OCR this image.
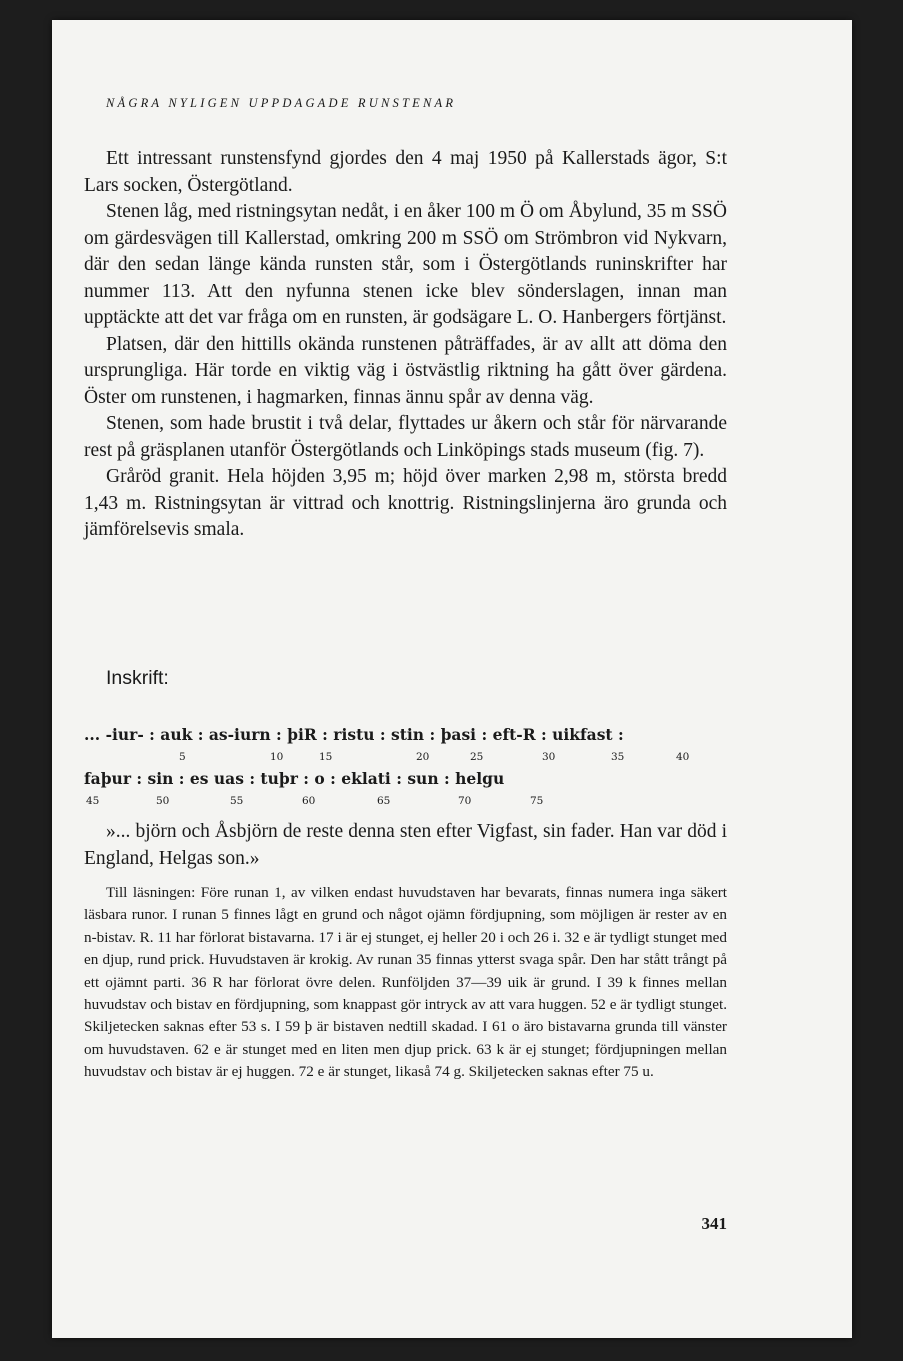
NÅGRA NYLIGEN UPPDAGADE RUNSTENAR

Ett intressant runstensfynd gjordes den 4 maj 1950 på Kallerstads ägor, S:t Lars socken, Östergötland.

Stenen låg, med ristningsytan nedåt, i en åker 100 m Ö om Åbylund, 35 m SSÖ om gärdesvägen till Kallerstad, omkring 200 m SSÖ om Strömbron vid Nykvarn, där den sedan länge kända runsten står, som i Östergötlands runinskrifter har nummer 113. Att den nyfunna stenen icke blev sönderslagen, innan man upptäckte att det var fråga om en runsten, är godsägare L. O. Hanbergers förtjänst.

Platsen, där den hittills okända runstenen påträffades, är av allt att döma den ursprungliga. Här torde en viktig väg i östvästlig riktning ha gått över gärdena. Öster om runstenen, i hagmarken, finnas ännu spår av denna väg.

Stenen, som hade brustit i två delar, flyttades ur åkern och står för närvarande rest på gräsplanen utanför Östergötlands och Linköpings stads museum (fig. 7).

Gråröd granit. Hela höjden 3,95 m; höjd över marken 2,98 m, största bredd 1,43 m. Ristningsytan är vittrad och knottrig. Ristningslinjerna äro grunda och jämförelsevis smala.

Inskrift:
... -iur- : auk : as-iurn : þiR : ristu : stin : þasi : eft-R : uikfast :
5	10	15	20	25	30	35	40
faþur : sin : es uas : tuþr : o : eklati : sun : helgu
45	50	55	60	65	70	75

»... björn och Åsbjörn de reste denna sten efter Vigfast, sin fader. Han var död i England, Helgas son.»

Till läsningen: Före runan 1, av vilken endast huvudstaven har bevarats, finnas numera inga säkert läsbara runor. I runan 5 finnes lågt en grund och något ojämn fördjupning, som möjligen är rester av en n-bistav. R. 11 har förlorat bistavarna. 17 i är ej stunget, ej heller 20 i och 26 i. 32 e är tydligt stunget med en djup, rund prick. Huvudstaven är krokig. Av runan 35 finnas ytterst svaga spår. Den har stått trångt på ett ojämnt parti. 36 R har förlorat övre delen. Runföljden 37—39 uik är grund. I 39 k finnes mellan huvudstav och bistav en fördjupning, som knappast gör intryck av att vara huggen. 52 e är tydligt stunget. Skiljetecken saknas efter 53 s. I 59 þ är bistaven nedtill skadad. I 61 o äro bistavarna grunda till vänster om huvudstaven. 62 e är stunget med en liten men djup prick. 63 k är ej stunget; fördjupningen mellan huvudstav och bistav är ej huggen. 72 e är stunget, likaså 74 g. Skiljetecken saknas efter 75 u.

341
